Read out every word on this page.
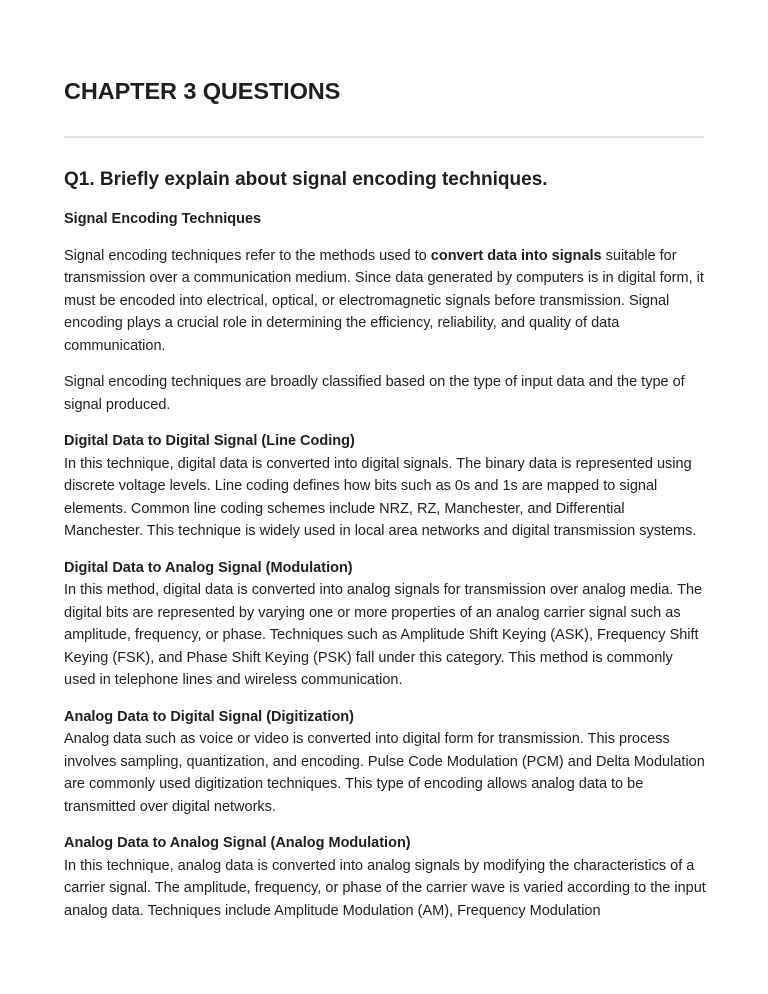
CHAPTER 3 QUESTIONS
Q1. Briefly explain about signal encoding techniques.
Signal Encoding Techniques

Signal encoding techniques refer to the methods used to convert data into signals suitable for transmission over a communication medium. Since data generated by computers is in digital form, it must be encoded into electrical, optical, or electromagnetic signals before transmission. Signal encoding plays a crucial role in determining the efficiency, reliability, and quality of data communication.

Signal encoding techniques are broadly classified based on the type of input data and the type of signal produced.

Digital Data to Digital Signal (Line Coding)
In this technique, digital data is converted into digital signals. The binary data is represented using discrete voltage levels. Line coding defines how bits such as 0s and 1s are mapped to signal elements. Common line coding schemes include NRZ, RZ, Manchester, and Differential Manchester. This technique is widely used in local area networks and digital transmission systems.
Digital Data to Analog Signal (Modulation)
In this method, digital data is converted into analog signals for transmission over analog media. The digital bits are represented by varying one or more properties of an analog carrier signal such as amplitude, frequency, or phase. Techniques such as Amplitude Shift Keying (ASK), Frequency Shift Keying (FSK), and Phase Shift Keying (PSK) fall under this category. This method is commonly used in telephone lines and wireless communication.
Analog Data to Digital Signal (Digitization)
Analog data such as voice or video is converted into digital form for transmission. This process involves sampling, quantization, and encoding. Pulse Code Modulation (PCM) and Delta Modulation are commonly used digitization techniques. This type of encoding allows analog data to be transmitted over digital networks.
Analog Data to Analog Signal (Analog Modulation)
In this technique, analog data is converted into analog signals by modifying the characteristics of a carrier signal. The amplitude, frequency, or phase of the carrier wave is varied according to the input analog data. Techniques include Amplitude Modulation (AM), Frequency Modulation
